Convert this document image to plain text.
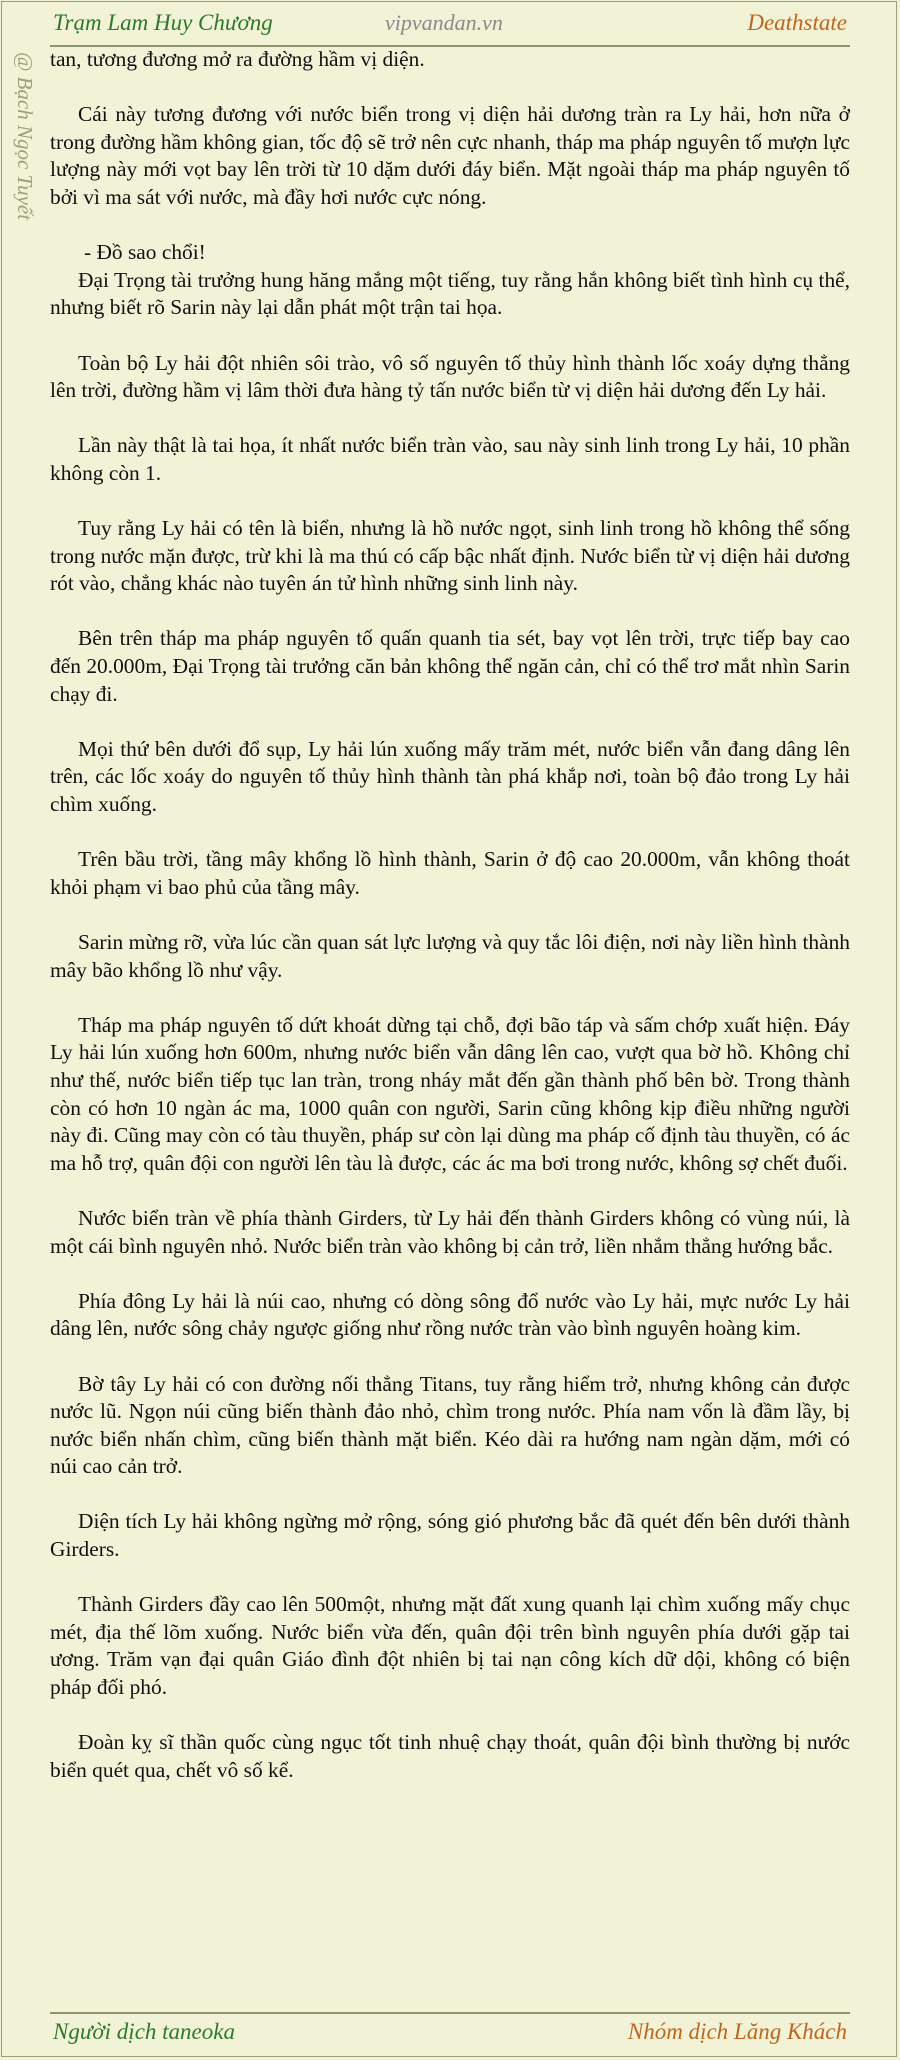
Trạm Lam Huy Chương	vipvandan.vn	Deathstate
@ Bạch Ngọc Tuyết tan, tương đương mở ra đường hầm vị diện.

Cái này tương đương với nước biển trong vị diện hải dương tràn ra Ly hải, hơn nữa ở trong đường hầm không gian, tốc độ sẽ trở nên cực nhanh, tháp ma pháp nguyên tố mượn lực lượng này mới vọt bay lên trời từ 10 dặm dưới đáy biển. Mặt ngoài tháp ma pháp nguyên tố bởi vì ma sát với nước, mà đầy hơi nước cực nóng.

- Đồ sao chổi!

Đại Trọng tài trưởng hung hăng mắng một tiếng, tuy rằng hắn không biết tình hình cụ thể, nhưng biết rõ Sarin này lại dẫn phát một trận tai họa.

Toàn bộ Ly hải đột nhiên sôi trào, vô số nguyên tố thủy hình thành lốc xoáy dựng thẳng lên trời, đường hầm vị lâm thời đưa hàng tỷ tấn nước biển từ vị diện hải dương đến Ly hải.

Lần này thật là tai họa, ít nhất nước biển tràn vào, sau này sinh linh trong Ly hải, 10 phần không còn 1.

Tuy rằng Ly hải có tên là biển, nhưng là hồ nước ngọt, sinh linh trong hồ không thể sống trong nước mặn được, trừ khi là ma thú có cấp bậc nhất định. Nước biển từ vị diện hải dương rót vào, chẳng khác nào tuyên án tử hình những sinh linh này.

Bên trên tháp ma pháp nguyên tố quấn quanh tia sét, bay vọt lên trời, trực tiếp bay cao đến 20.000m, Đại Trọng tài trưởng căn bản không thể ngăn cản, chỉ có thể trơ mắt nhìn Sarin chạy đi.

Mọi thứ bên dưới đổ sụp, Ly hải lún xuống mấy trăm mét, nước biển vẫn đang dâng lên trên, các lốc xoáy do nguyên tố thủy hình thành tàn phá khắp nơi, toàn bộ đảo trong Ly hải chìm xuống.

Trên bầu trời, tầng mây khổng lồ hình thành, Sarin ở độ cao 20.000m, vẫn không thoát khỏi phạm vi bao phủ của tầng mây.

Sarin mừng rỡ, vừa lúc cần quan sát lực lượng và quy tắc lôi điện, nơi này liền hình thành mây bão khổng lồ như vậy.

Tháp ma pháp nguyên tố dứt khoát dừng tại chỗ, đợi bão táp và sấm chớp xuất hiện. Đáy Ly hải lún xuống hơn 600m, nhưng nước biển vẫn dâng lên cao, vượt qua bờ hồ. Không chỉ như thế, nước biển tiếp tục lan tràn, trong nháy mắt đến gần thành phố bên bờ. Trong thành còn có hơn 10 ngàn ác ma, 1000 quân con người, Sarin cũng không kịp điều những người này đi. Cũng may còn có tàu thuyền, pháp sư còn lại dùng ma pháp cố định tàu thuyền, có ác ma hỗ trợ, quân đội con người lên tàu là được, các ác ma bơi trong nước, không sợ chết đuối.

Nước biển tràn về phía thành Girders, từ Ly hải đến thành Girders không có vùng núi, là một cái bình nguyên nhỏ. Nước biển tràn vào không bị cản trở, liền nhắm thẳng hướng bắc.

Phía đông Ly hải là núi cao, nhưng có dòng sông đổ nước vào Ly hải, mực nước Ly hải dâng lên, nước sông chảy ngược giống như rồng nước tràn vào bình nguyên hoàng kim.

Bờ tây Ly hải có con đường nối thẳng Titans, tuy rằng hiểm trở, nhưng không cản được nước lũ. Ngọn núi cũng biến thành đảo nhỏ, chìm trong nước. Phía nam vốn là đầm lầy, bị nước biển nhấn chìm, cũng biến thành mặt biển. Kéo dài ra hướng nam ngàn dặm, mới có núi cao cản trở.

Diện tích Ly hải không ngừng mở rộng, sóng gió phương bắc đã quét đến bên dưới thành Girders.

Thành Girders đầy cao lên 500một, nhưng mặt đất xung quanh lại chìm xuống mấy chục mét, địa thế lõm xuống. Nước biển vừa đến, quân đội trên bình nguyên phía dưới gặp tai ương. Trăm vạn đại quân Giáo đình đột nhiên bị tai nạn công kích dữ dội, không có biện pháp đối phó.

Đoàn kỵ sĩ thần quốc cùng ngục tốt tinh nhuệ chạy thoát, quân đội bình thường bị nước biển quét qua, chết vô số kể.

Người dịch taneoka	Nhóm dịch Lăng Khách
